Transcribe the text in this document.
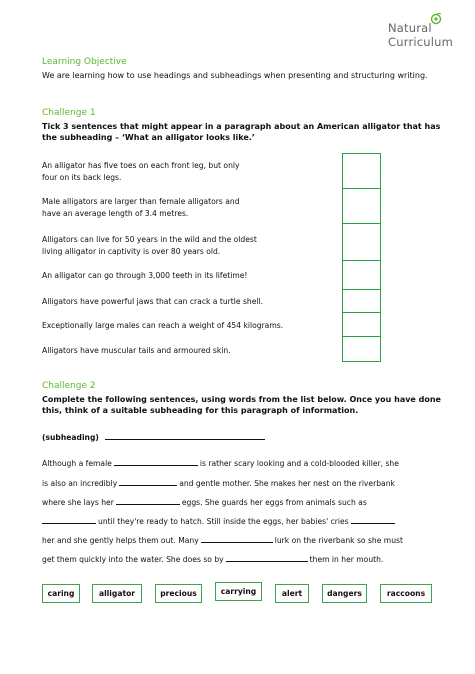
Natural
Curriculum
Learning Objective
We are learning how to use headings and subheadings when presenting and structuring writing.
Challenge 1
Tick 3 sentences that might appear in a paragraph about an American alligator that has the subheading – ‘What an alligator looks like.’
An alligator has five toes on each front leg, but only
four on its back legs.
Male alligators are larger than female alligators and
have an average length of 3.4 metres.
Alligators can live for 50 years in the wild and the oldest
living alligator in captivity is over 80 years old.
An alligator can go through 3,000 teeth in its lifetime!
Alligators have powerful jaws that can crack a turtle shell.
Exceptionally large males can reach a weight of 454 kilograms.
Alligators have muscular tails and armoured skin.
Challenge 2
Complete the following sentences, using words from the list below. Once you have done this, think of a suitable subheading for this paragraph of information.
(subheading)
Although a female	is rather scary looking and a cold-blooded killer, she
is also an incredibly	and gentle mother. She makes her nest on the riverbank
where she lays her	eggs. She guards her eggs from animals such as
until they're ready to hatch. Still inside the eggs, her babies' cries
her and she gently helps them out. Many	lurk on the riverbank so she must
get them quickly into the water. She does so by	them in her mouth.
caring	alligator	precious	carrying	alert	dangers	raccoons
